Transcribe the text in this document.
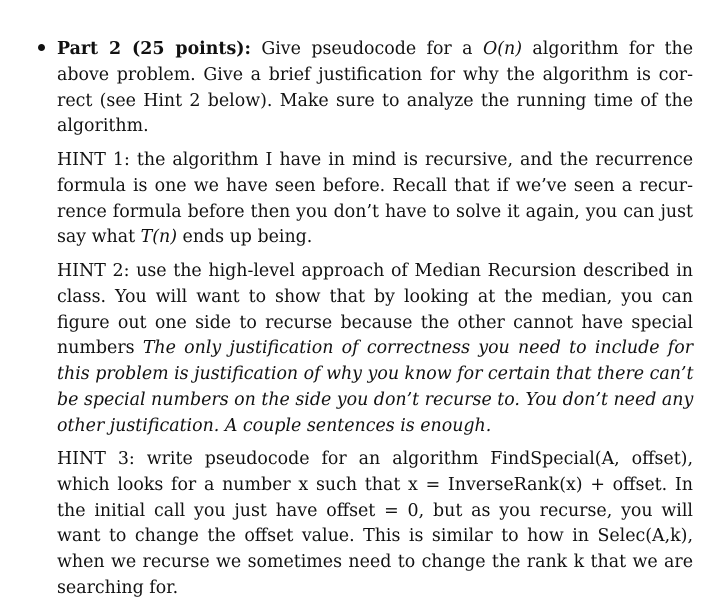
Part 2 (25 points): Give pseudocode for a O(n) algorithm for the
above problem. Give a brief justification for why the algorithm is cor-
rect (see Hint 2 below). Make sure to analyze the running time of the
algorithm.
HINT 1: the algorithm I have in mind is recursive, and the recurrence
formula is one we have seen before. Recall that if we’ve seen a recur-
rence formula before then you don’t have to solve it again, you can just
say what T(n) ends up being.
HINT 2: use the high-level approach of Median Recursion described in
class. You will want to show that by looking at the median, you can
figure out one side to recurse because the other cannot have special
numbers The only justification of correctness you need to include for
this problem is justification of why you know for certain that there can’t
be special numbers on the side you don’t recurse to. You don’t need any
other justification. A couple sentences is enough.
HINT 3: write pseudocode for an algorithm FindSpecial(A, offset),
which looks for a number x such that x = InverseRank(x) + offset. In
the initial call you just have offset = 0, but as you recurse, you will
want to change the offset value. This is similar to how in Selec(A,k),
when we recurse we sometimes need to change the rank k that we are
searching for.
